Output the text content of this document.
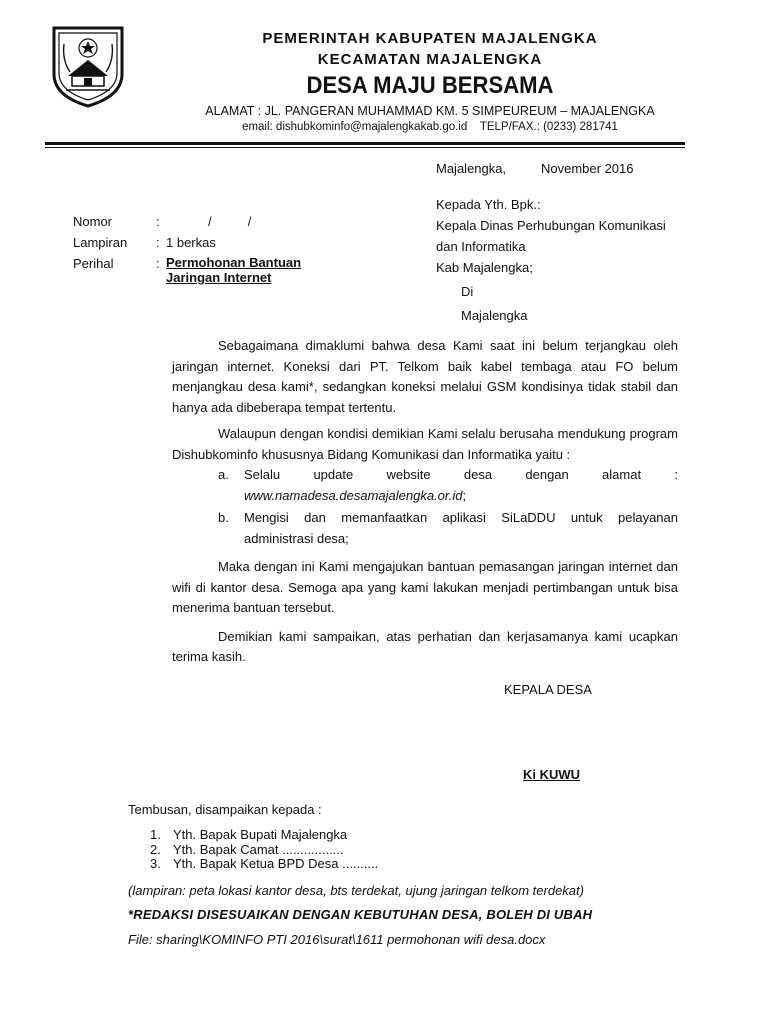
PEMERINTAH KABUPATEN MAJALENGKA
KECAMATAN MAJALENGKA
DESA MAJU BERSAMA
ALAMAT : JL. PANGERAN MUHAMMAD KM. 5 SIMPEUREUM – MAJALENGKA
email: dishubkominfo@majalengkakab.go.id    TELP/FAX.: (0233) 281741
Majalengka,	November 2016
Kepada Yth. Bpk.:
Kepala Dinas Perhubungan Komunikasi
dan Informatika
Kab Majalengka;
Di
Majalengka
Nomor	:	/          /
Lampiran : 1 berkas
Perihal	: Permohonan Bantuan
Jaringan Internet

Sebagaimana dimaklumi bahwa desa Kami saat ini belum terjangkau oleh jaringan internet. Koneksi dari PT. Telkom baik kabel tembaga atau FO belum menjangkau desa kami*, sedangkan koneksi melalui GSM kondisinya tidak stabil dan hanya ada dibeberapa tempat tertentu.

Walaupun dengan kondisi demikian Kami selalu berusaha mendukung program Dishubkominfo khususnya Bidang Komunikasi dan Informatika yaitu :

a. Selalu update website desa dengan alamat :
www.namadesa.desamajalengka.or.id;
b. Mengisi dan memanfaatkan aplikasi SiLaDDU untuk pelayanan administrasi desa;

Maka dengan ini Kami mengajukan bantuan pemasangan jaringan internet dan wifi di kantor desa. Semoga apa yang kami lakukan menjadi pertimbangan untuk bisa menerima bantuan tersebut.

Demikian kami sampaikan, atas perhatian dan kerjasamanya kami ucapkan terima kasih.

KEPALA DESA
Ki KUWU
Tembusan, disampaikan kepada :
1. Yth. Bapak Bupati Majalengka
2. Yth. Bapak Camat .................
3. Yth. Bapak Ketua BPD Desa ..........
(lampiran: peta lokasi kantor desa, bts terdekat, ujung jaringan telkom terdekat)
*REDAKSI DISESUAIKAN DENGAN KEBUTUHAN DESA, BOLEH DI UBAH
File: sharing\KOMINFO PTI 2016\surat\1611 permohonan wifi desa.docx
